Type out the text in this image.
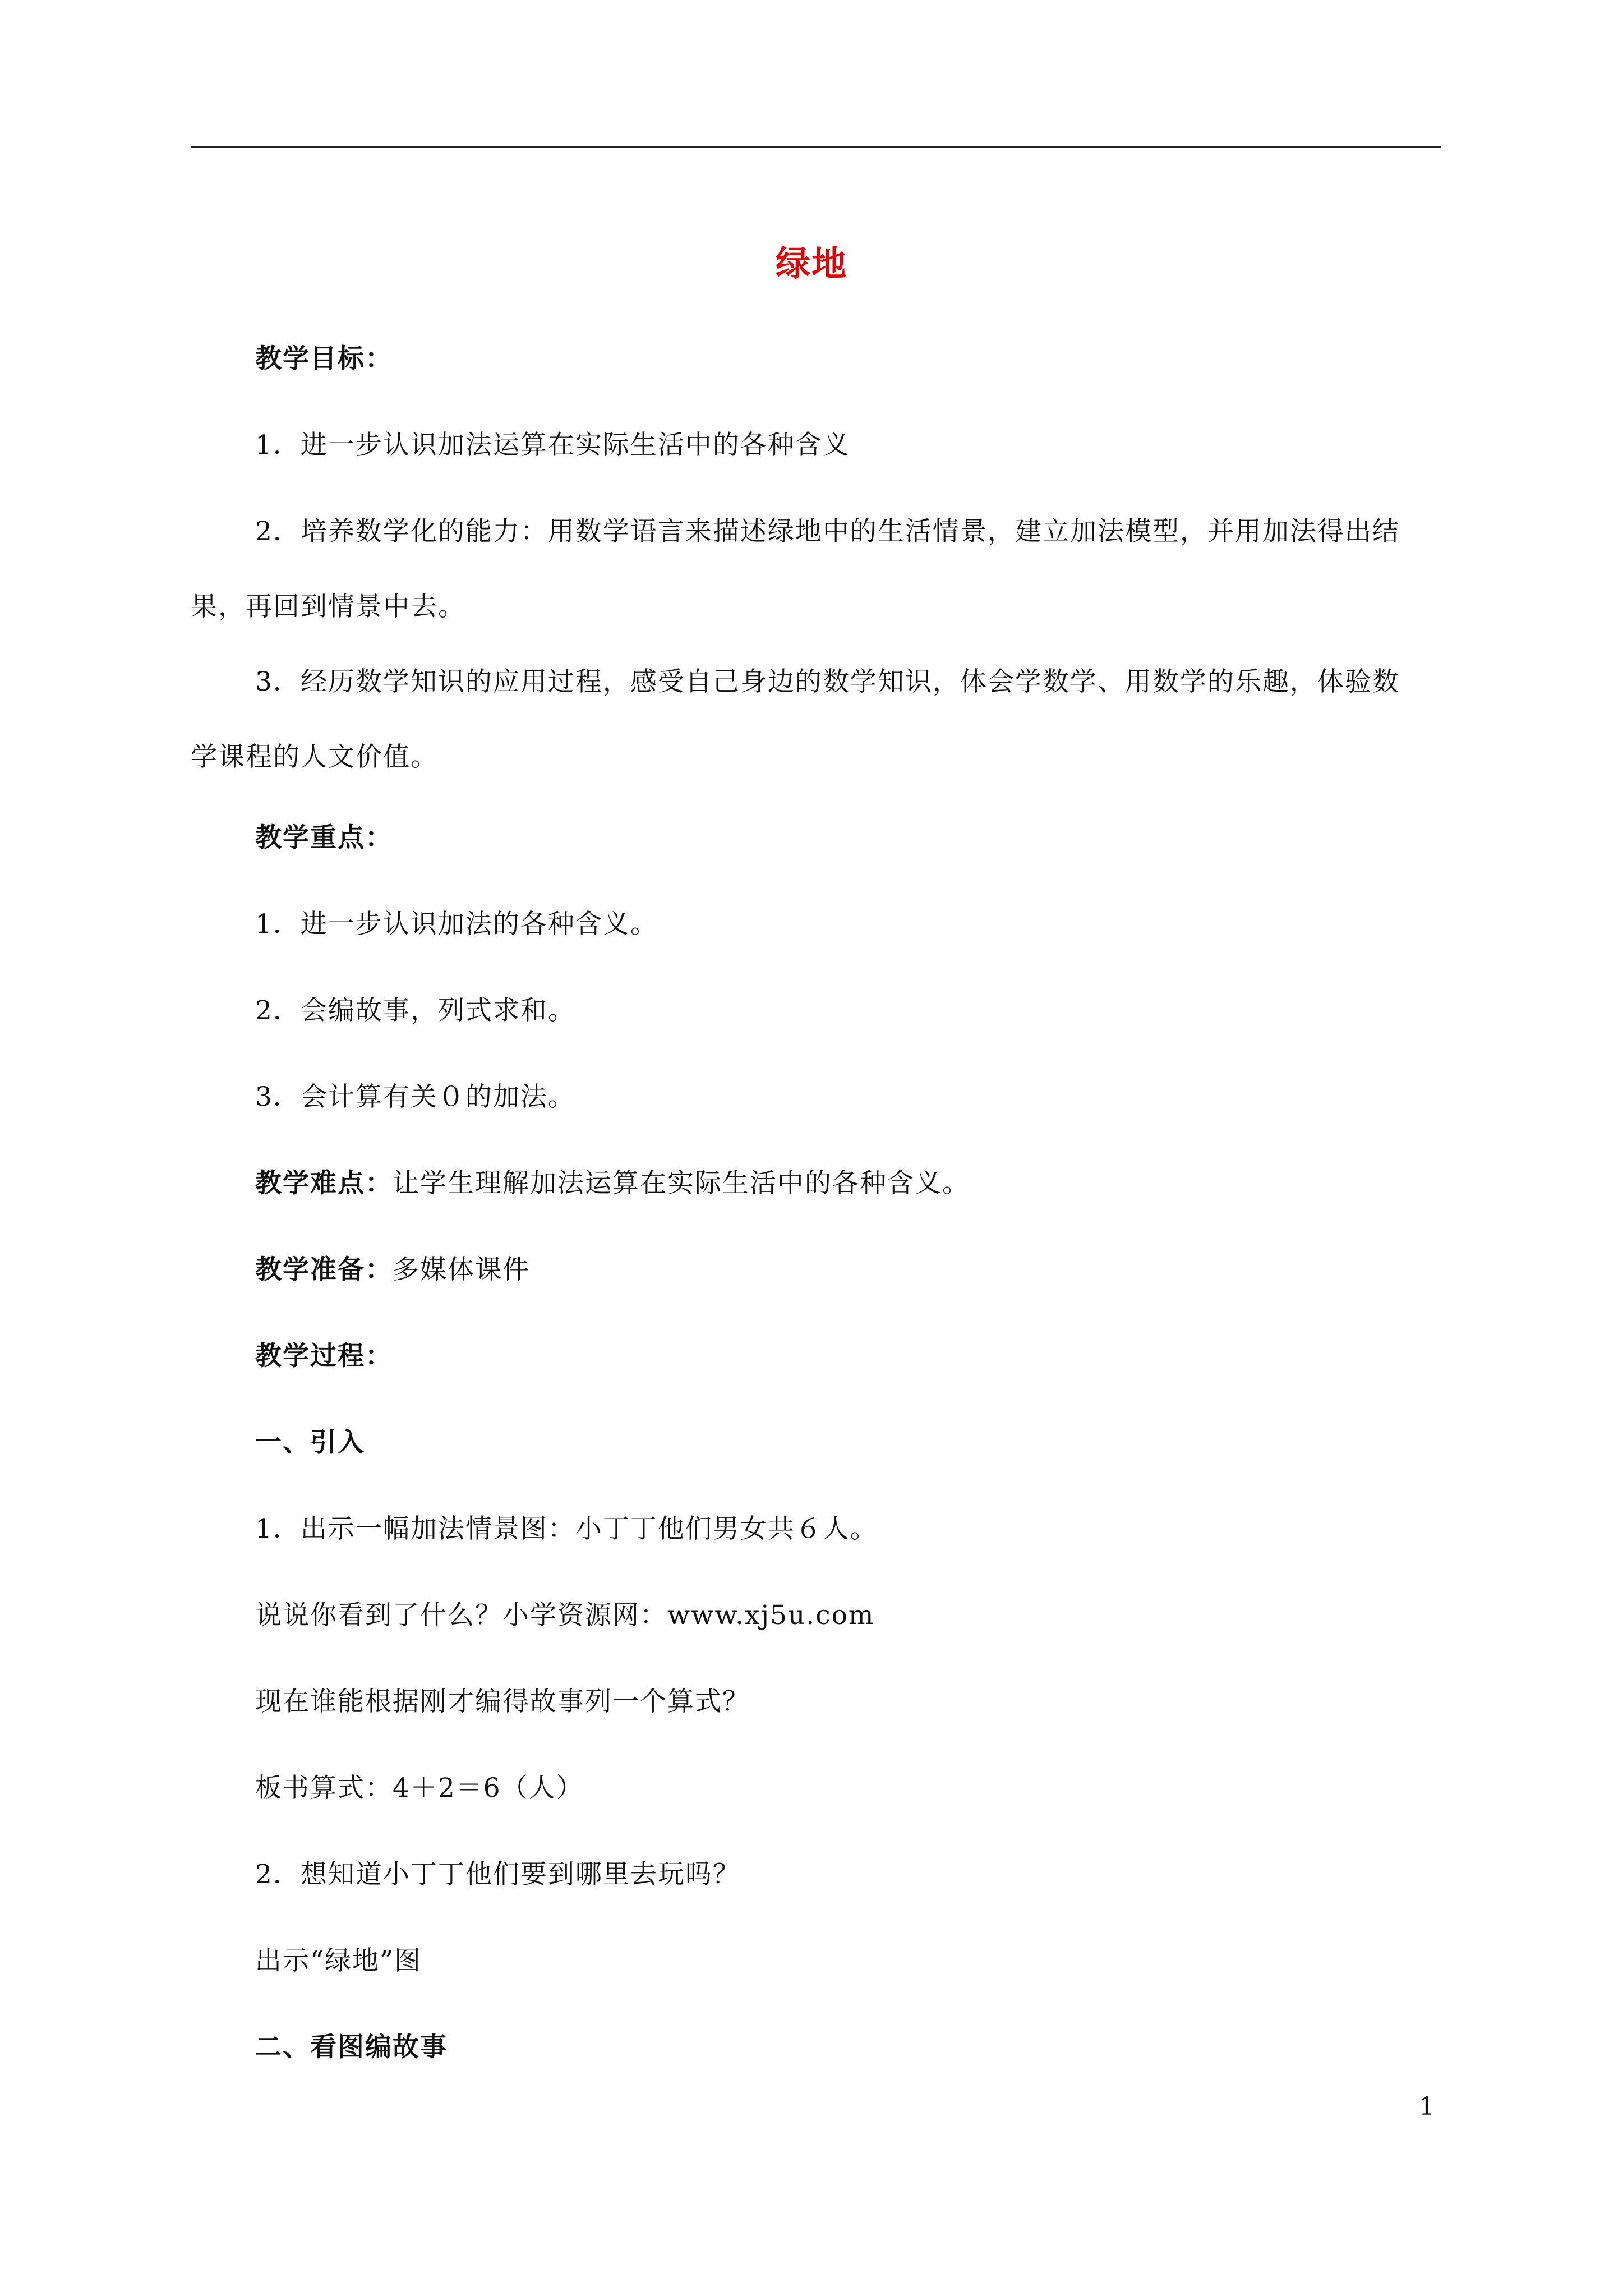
绿地
教学目标：
1．进一步认识加法运算在实际生活中的各种含义
2．培养数学化的能力：用数学语言来描述绿地中的生活情景，建立加法模型，并用加法得出结
果，再回到情景中去。
3．经历数学知识的应用过程，感受自己身边的数学知识，体会学数学、用数学的乐趣，体验数
学课程的人文价值。
教学重点：
1．进一步认识加法的各种含义。
2．会编故事，列式求和。
3．会计算有关０的加法。
教学难点：让学生理解加法运算在实际生活中的各种含义。
教学准备：多媒体课件
教学过程：
一、引入
1．出示一幅加法情景图：小丁丁他们男女共６人。
说说你看到了什么？小学资源网：www.xj5u.com
现在谁能根据刚才编得故事列一个算式？
板书算式：4＋2＝6（人）
2．想知道小丁丁他们要到哪里去玩吗？
出示“绿地”图
二、看图编故事
1
